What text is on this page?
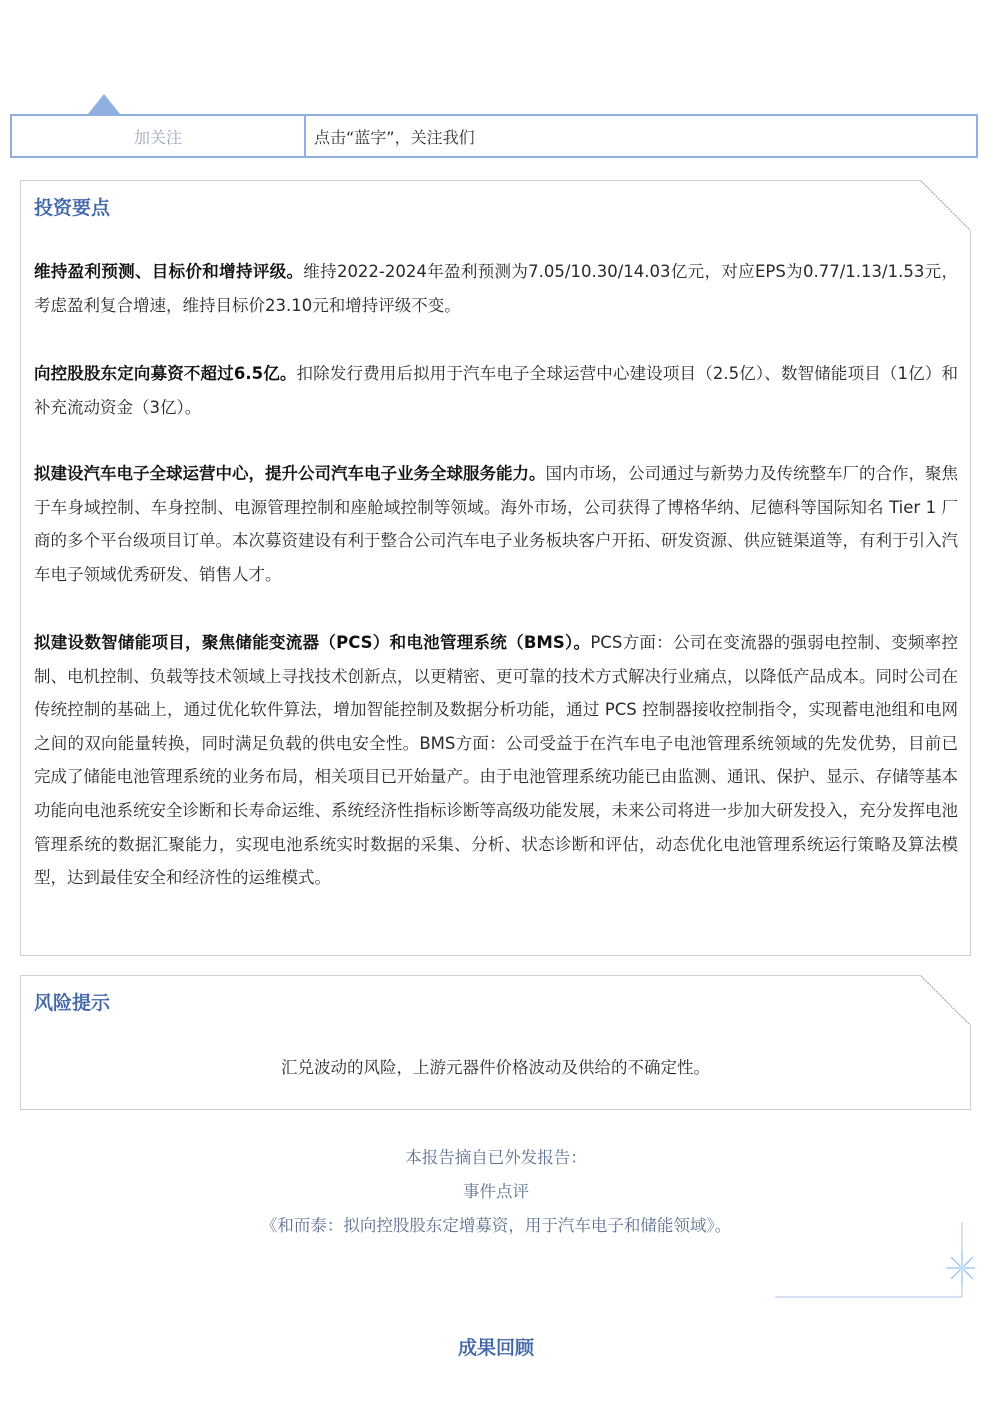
加关注	点击“蓝字”，关注我们
投资要点
维持盈利预测、目标价和增持评级。维持2022-2024年盈利预测为7.05/10.30/14.03亿元，对应EPS为0.77/1.13/1.53元，考虑盈利复合增速，维持目标价23.10元和增持评级不变。
向控股股东定向募资不超过6.5亿。扣除发行费用后拟用于汽车电子全球运营中心建设项目（2.5亿）、数智储能项目（1亿）和补充流动资金（3亿）。
拟建设汽车电子全球运营中心，提升公司汽车电子业务全球服务能力。国内市场，公司通过与新势力及传统整车厂的合作，聚焦于车身域控制、车身控制、电源管理控制和座舱域控制等领域。海外市场，公司获得了博格华纳、尼德科等国际知名 Tier 1 厂商的多个平台级项目订单。本次募资建设有利于整合公司汽车电子业务板块客户开拓、研发资源、供应链渠道等，有利于引入汽车电子领域优秀研发、销售人才。
拟建设数智储能项目，聚焦储能变流器（PCS）和电池管理系统（BMS）。PCS方面：公司在变流器的强弱电控制、变频率控制、电机控制、负载等技术领域上寻找技术创新点，以更精密、更可靠的技术方式解决行业痛点，以降低产品成本。同时公司在传统控制的基础上，通过优化软件算法，增加智能控制及数据分析功能，通过 PCS 控制器接收控制指令，实现蓄电池组和电网之间的双向能量转换，同时满足负载的供电安全性。BMS方面：公司受益于在汽车电子电池管理系统领域的先发优势，目前已完成了储能电池管理系统的业务布局，相关项目已开始量产。由于电池管理系统功能已由监测、通讯、保护、显示、存储等基本功能向电池系统安全诊断和长寿命运维、系统经济性指标诊断等高级功能发展，未来公司将进一步加大研发投入，充分发挥电池管理系统的数据汇聚能力，实现电池系统实时数据的采集、分析、状态诊断和评估，动态优化电池管理系统运行策略及算法模型，达到最佳安全和经济性的运维模式。
风险提示
汇兑波动的风险，上游元器件价格波动及供给的不确定性。
本报告摘自已外发报告：
事件点评
《和而泰：拟向控股股东定增募资，用于汽车电子和储能领域》。
成果回顾
